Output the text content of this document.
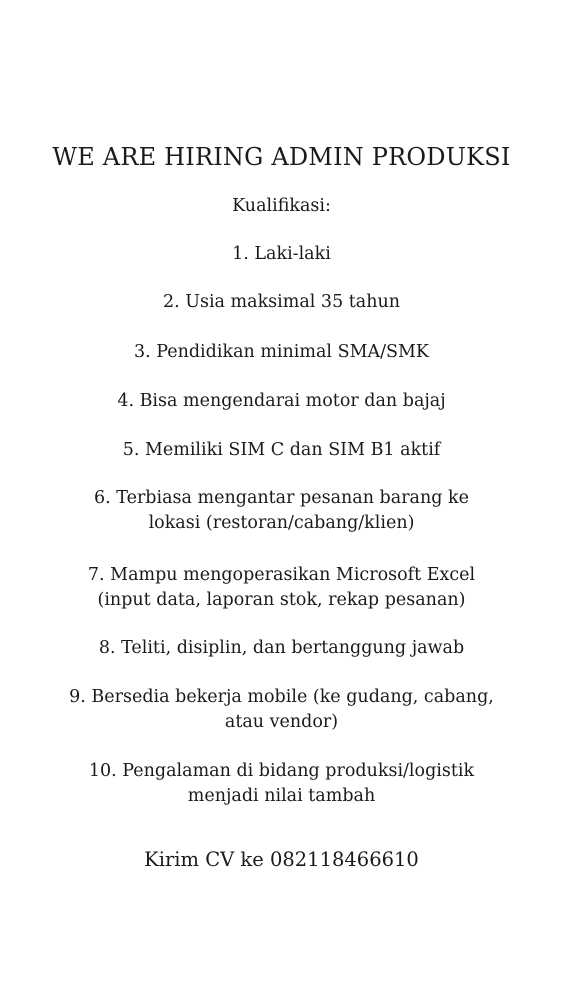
WE ARE HIRING ADMIN PRODUKSI

Kualifikasi:

1. Laki-laki

2. Usia maksimal 35 tahun

3. Pendidikan minimal SMA/SMK

4. Bisa mengendarai motor dan bajaj

5. Memiliki SIM C dan SIM B1 aktif

6. Terbiasa mengantar pesanan barang ke

lokasi (restoran/cabang/klien)

7. Mampu mengoperasikan Microsoft Excel

(input data, laporan stok, rekap pesanan)

8. Teliti, disiplin, dan bertanggung jawab

9. Bersedia bekerja mobile (ke gudang, cabang,

atau vendor)

10. Pengalaman di bidang produksi/logistik

menjadi nilai tambah

Kirim CV ke 082118466610
